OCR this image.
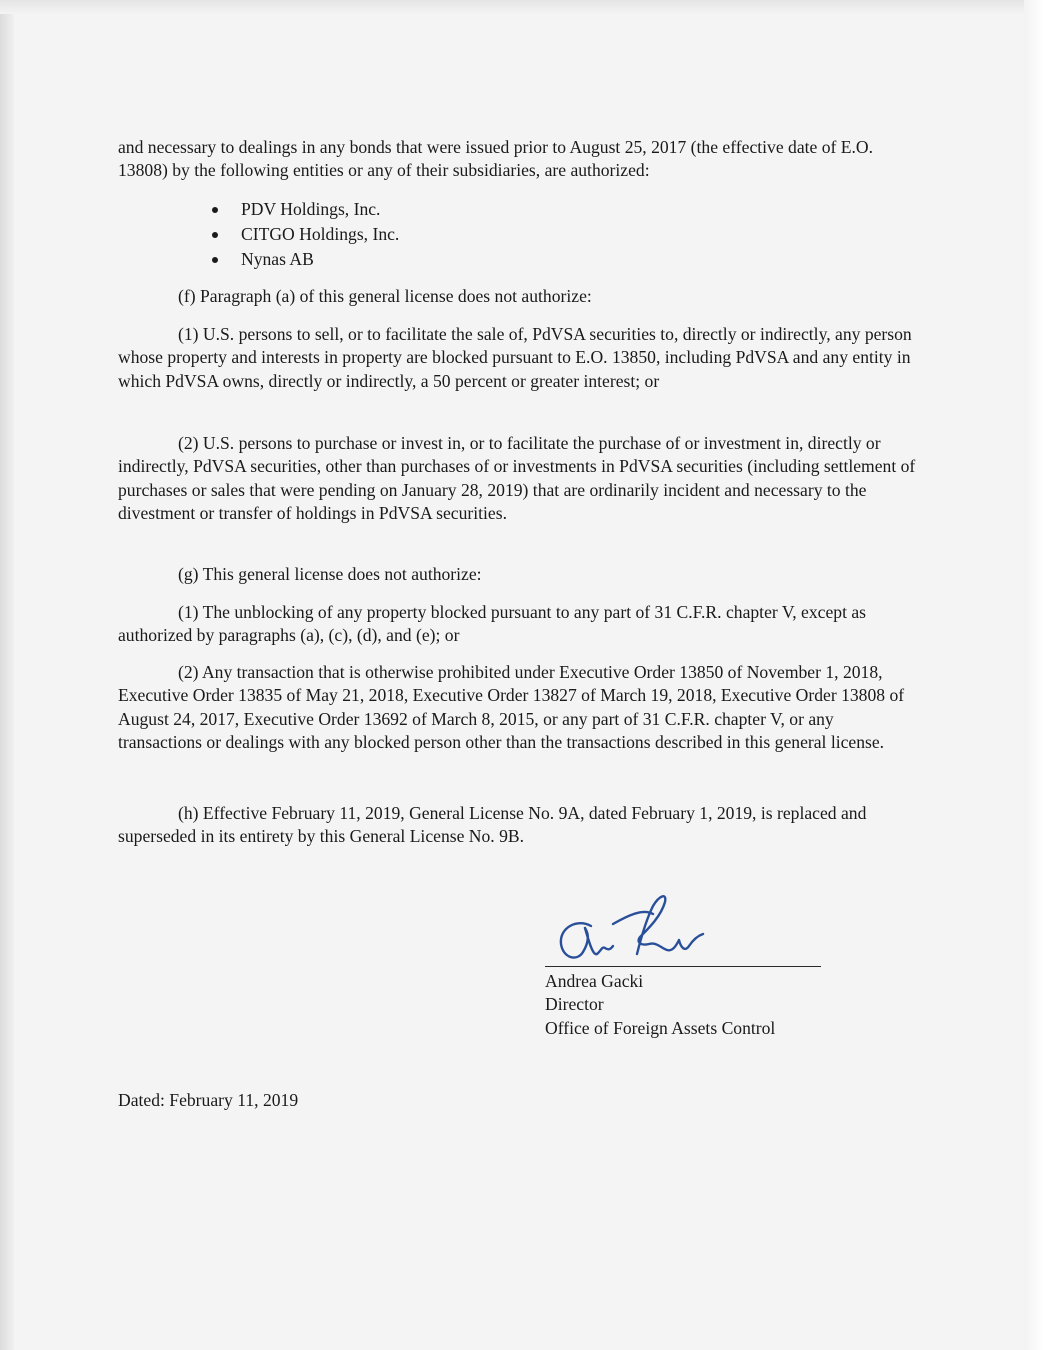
and necessary to dealings in any bonds that were issued prior to August 25, 2017 (the effective date of E.O. 13808) by the following entities or any of their subsidiaries, are authorized:

PDV Holdings, Inc.
CITGO Holdings, Inc.
Nynas AB

(f) Paragraph (a) of this general license does not authorize:

(1) U.S. persons to sell, or to facilitate the sale of, PdVSA securities to, directly or indirectly, any person whose property and interests in property are blocked pursuant to E.O. 13850, including PdVSA and any entity in which PdVSA owns, directly or indirectly, a 50 percent or greater interest; or

(2) U.S. persons to purchase or invest in, or to facilitate the purchase of or investment in, directly or indirectly, PdVSA securities, other than purchases of or investments in PdVSA securities (including settlement of purchases or sales that were pending on January 28, 2019) that are ordinarily incident and necessary to the divestment or transfer of holdings in PdVSA securities.

(g) This general license does not authorize:

(1) The unblocking of any property blocked pursuant to any part of 31 C.F.R. chapter V, except as authorized by paragraphs (a), (c), (d), and (e); or

(2) Any transaction that is otherwise prohibited under Executive Order 13850 of November 1, 2018, Executive Order 13835 of May 21, 2018, Executive Order 13827 of March 19, 2018, Executive Order 13808 of August 24, 2017, Executive Order 13692 of March 8, 2015, or any part of 31 C.F.R. chapter V, or any transactions or dealings with any blocked person other than the transactions described in this general license.

(h) Effective February 11, 2019, General License No. 9A, dated February 1, 2019, is replaced and superseded in its entirety by this General License No. 9B.

Andrea Gacki
Director
Office of Foreign Assets Control
Dated: February 11, 2019
